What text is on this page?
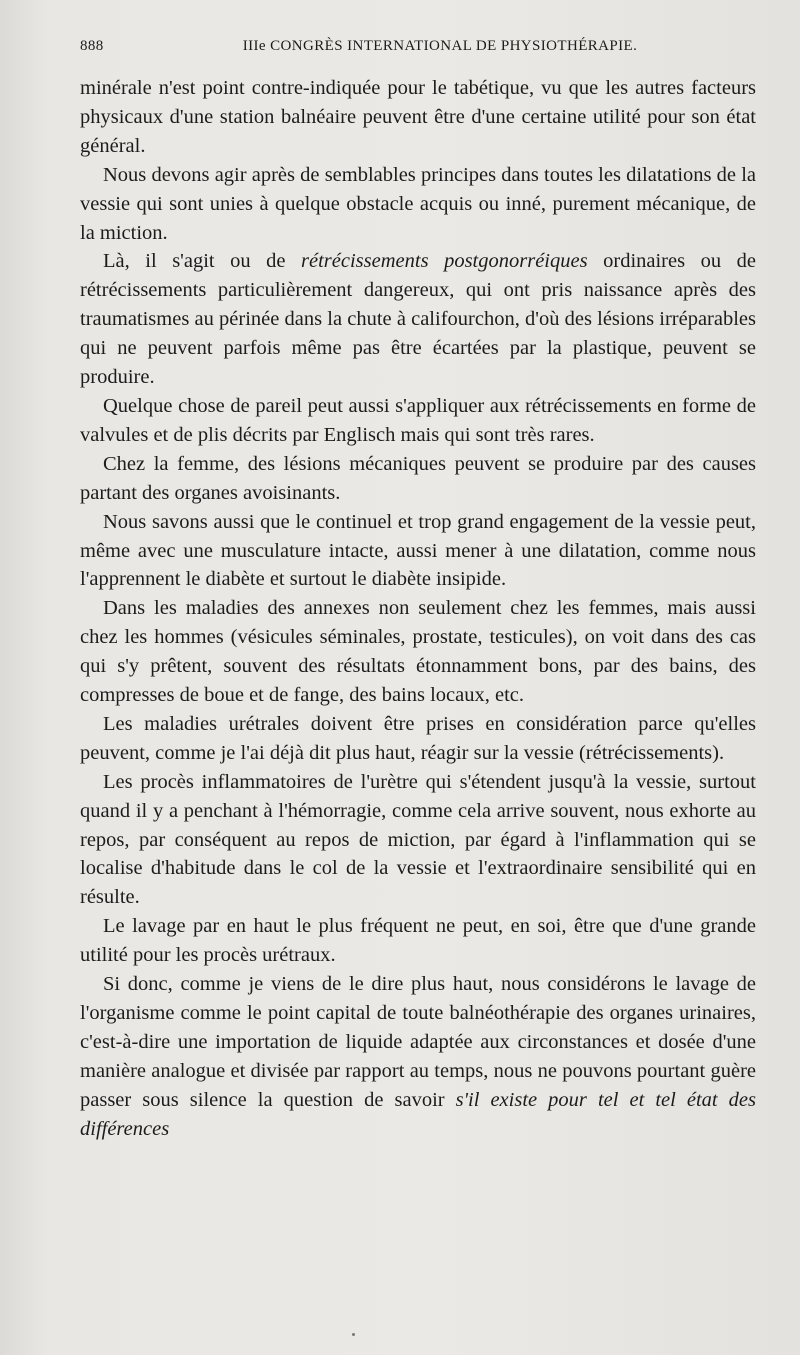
888	IIIe CONGRÈS INTERNATIONAL DE PHYSIOTHÉRAPIE.

minérale n'est point contre-indiquée pour le tabétique, vu que les autres facteurs physicaux d'une station balnéaire peuvent être d'une certaine utilité pour son état général.

Nous devons agir après de semblables principes dans toutes les dilatations de la vessie qui sont unies à quelque obstacle acquis ou inné, purement mécanique, de la miction.

Là, il s'agit ou de rétrécissements postgonorréiques ordinaires ou de rétrécissements particulièrement dangereux, qui ont pris naissance après des traumatismes au périnée dans la chute à califourchon, d'où des lésions irréparables qui ne peuvent parfois même pas être écartées par la plastique, peuvent se produire.

Quelque chose de pareil peut aussi s'appliquer aux rétrécissements en forme de valvules et de plis décrits par Englisch mais qui sont très rares.

Chez la femme, des lésions mécaniques peuvent se produire par des causes partant des organes avoisinants.

Nous savons aussi que le continuel et trop grand engagement de la vessie peut, même avec une musculature intacte, aussi mener à une dilatation, comme nous l'apprennent le diabète et surtout le diabète insipide.

Dans les maladies des annexes non seulement chez les femmes, mais aussi chez les hommes (vésicules séminales, prostate, testicules), on voit dans des cas qui s'y prêtent, souvent des résultats étonnamment bons, par des bains, des compresses de boue et de fange, des bains locaux, etc.

Les maladies urétrales doivent être prises en considération parce qu'elles peuvent, comme je l'ai déjà dit plus haut, réagir sur la vessie (rétrécissements).

Les procès inflammatoires de l'urètre qui s'étendent jusqu'à la vessie, surtout quand il y a penchant à l'hémorragie, comme cela arrive souvent, nous exhorte au repos, par conséquent au repos de miction, par égard à l'inflammation qui se localise d'habitude dans le col de la vessie et l'extraordinaire sensibilité qui en résulte.

Le lavage par en haut le plus fréquent ne peut, en soi, être que d'une grande utilité pour les procès urétraux.

Si donc, comme je viens de le dire plus haut, nous considérons le lavage de l'organisme comme le point capital de toute balnéothérapie des organes urinaires, c'est-à-dire une importation de liquide adaptée aux circonstances et dosée d'une manière analogue et divisée par rapport au temps, nous ne pouvons pourtant guère passer sous silence la question de savoir s'il existe pour tel et tel état des différences
